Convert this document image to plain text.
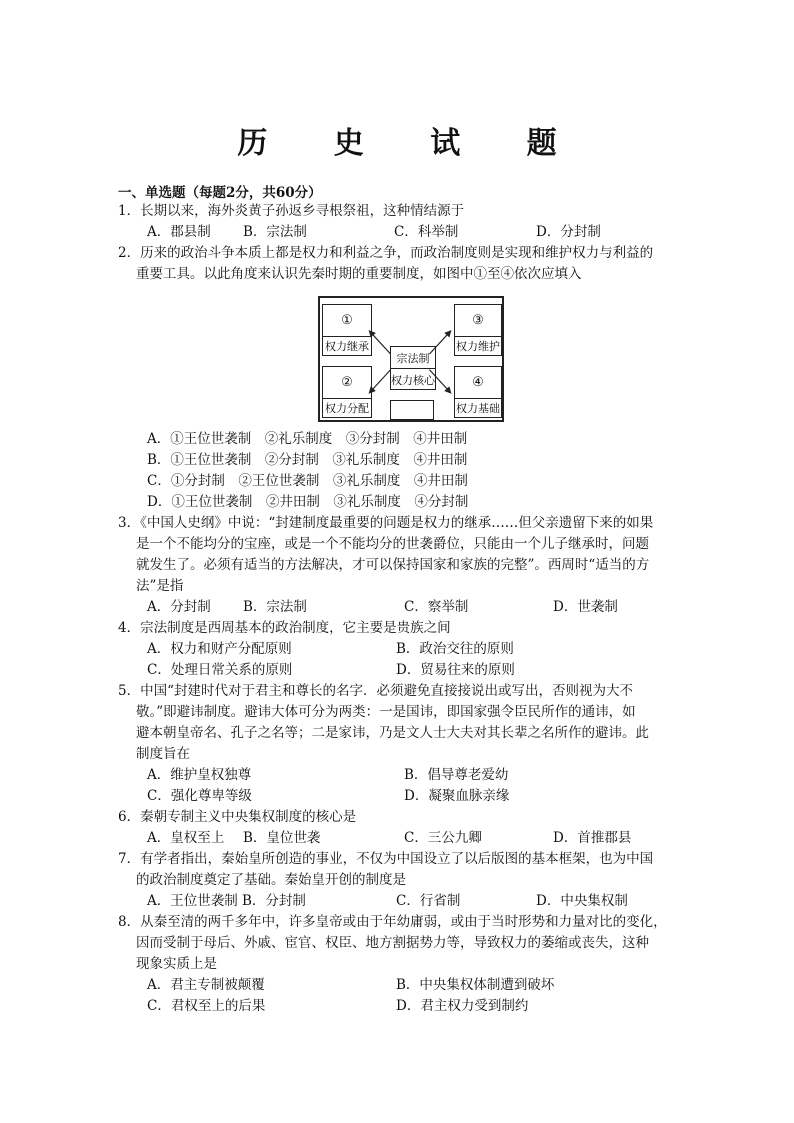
历 史 试 题
一、单选题（每题2分，共60分）
1．长期以来，海外炎黄子孙返乡寻根祭祖，这种情结源于
A．郡县制 B．宗法制	C．科举制	D．分封制
2．历来的政治斗争本质上都是权力和利益之争，而政治制度则是实现和维护权力与利益的
重要工具。以此角度来认识先秦时期的重要制度，如图中①至④依次应填入
①
权力继承
②
权力分配
③
权力维护
④
权力基础
宗法制
权力核心
A．①王位世袭制　②礼乐制度　③分封制　④井田制
B．①王位世袭制　②分封制　③礼乐制度　④井田制
C．①分封制　②王位世袭制　③礼乐制度　④井田制
D．①王位世袭制　②井田制　③礼乐制度　④分封制
3．《中国人史纲》中说：“封建制度最重要的问题是权力的继承……但父亲遗留下来的如果
是一个不能均分的宝座，或是一个不能均分的世袭爵位，只能由一个儿子继承时，问题
就发生了。必须有适当的方法解决，才可以保持国家和家族的完整”。西周时“适当的方
法”是指
A．分封制 B．宗法制	C．察举制	D．世袭制
4．宗法制度是西周基本的政治制度，它主要是贵族之间
A．权力和财产分配原则	B．政治交往的原则
C．处理日常关系的原则	D．贸易往来的原则
5．中国“封建时代对于君主和尊长的名字．必须避免直接接说出或写出，否则视为大不
敬。”即避讳制度。避讳大体可分为两类：一是国讳，即国家强令臣民所作的通讳，如
避本朝皇帝名、孔子之名等；二是家讳，乃是文人士大夫对其长辈之名所作的避讳。此
制度旨在
A．维护皇权独尊	B．倡导尊老爱幼
C．强化尊卑等级	D．凝聚血脉亲缘
6．秦朝专制主义中央集权制度的核心是
A．皇权至上 B．皇位世袭	C．三公九卿	D．首推郡县
7．有学者指出，秦始皇所创造的事业，不仅为中国设立了以后版图的基本框架，也为中国
的政治制度奠定了基础。秦始皇开创的制度是
A．王位世袭制 B．分封制	C．行省制	D．中央集权制
8．从秦至清的两千多年中，许多皇帝或由于年幼庸弱，或由于当时形势和力量对比的变化，
因而受制于母后、外戚、宦官、权臣、地方割据势力等，导致权力的萎缩或丧失，这种
现象实质上是
A．君主专制被颠覆	B．中央集权体制遭到破坏
C．君权至上的后果	D．君主权力受到制约
